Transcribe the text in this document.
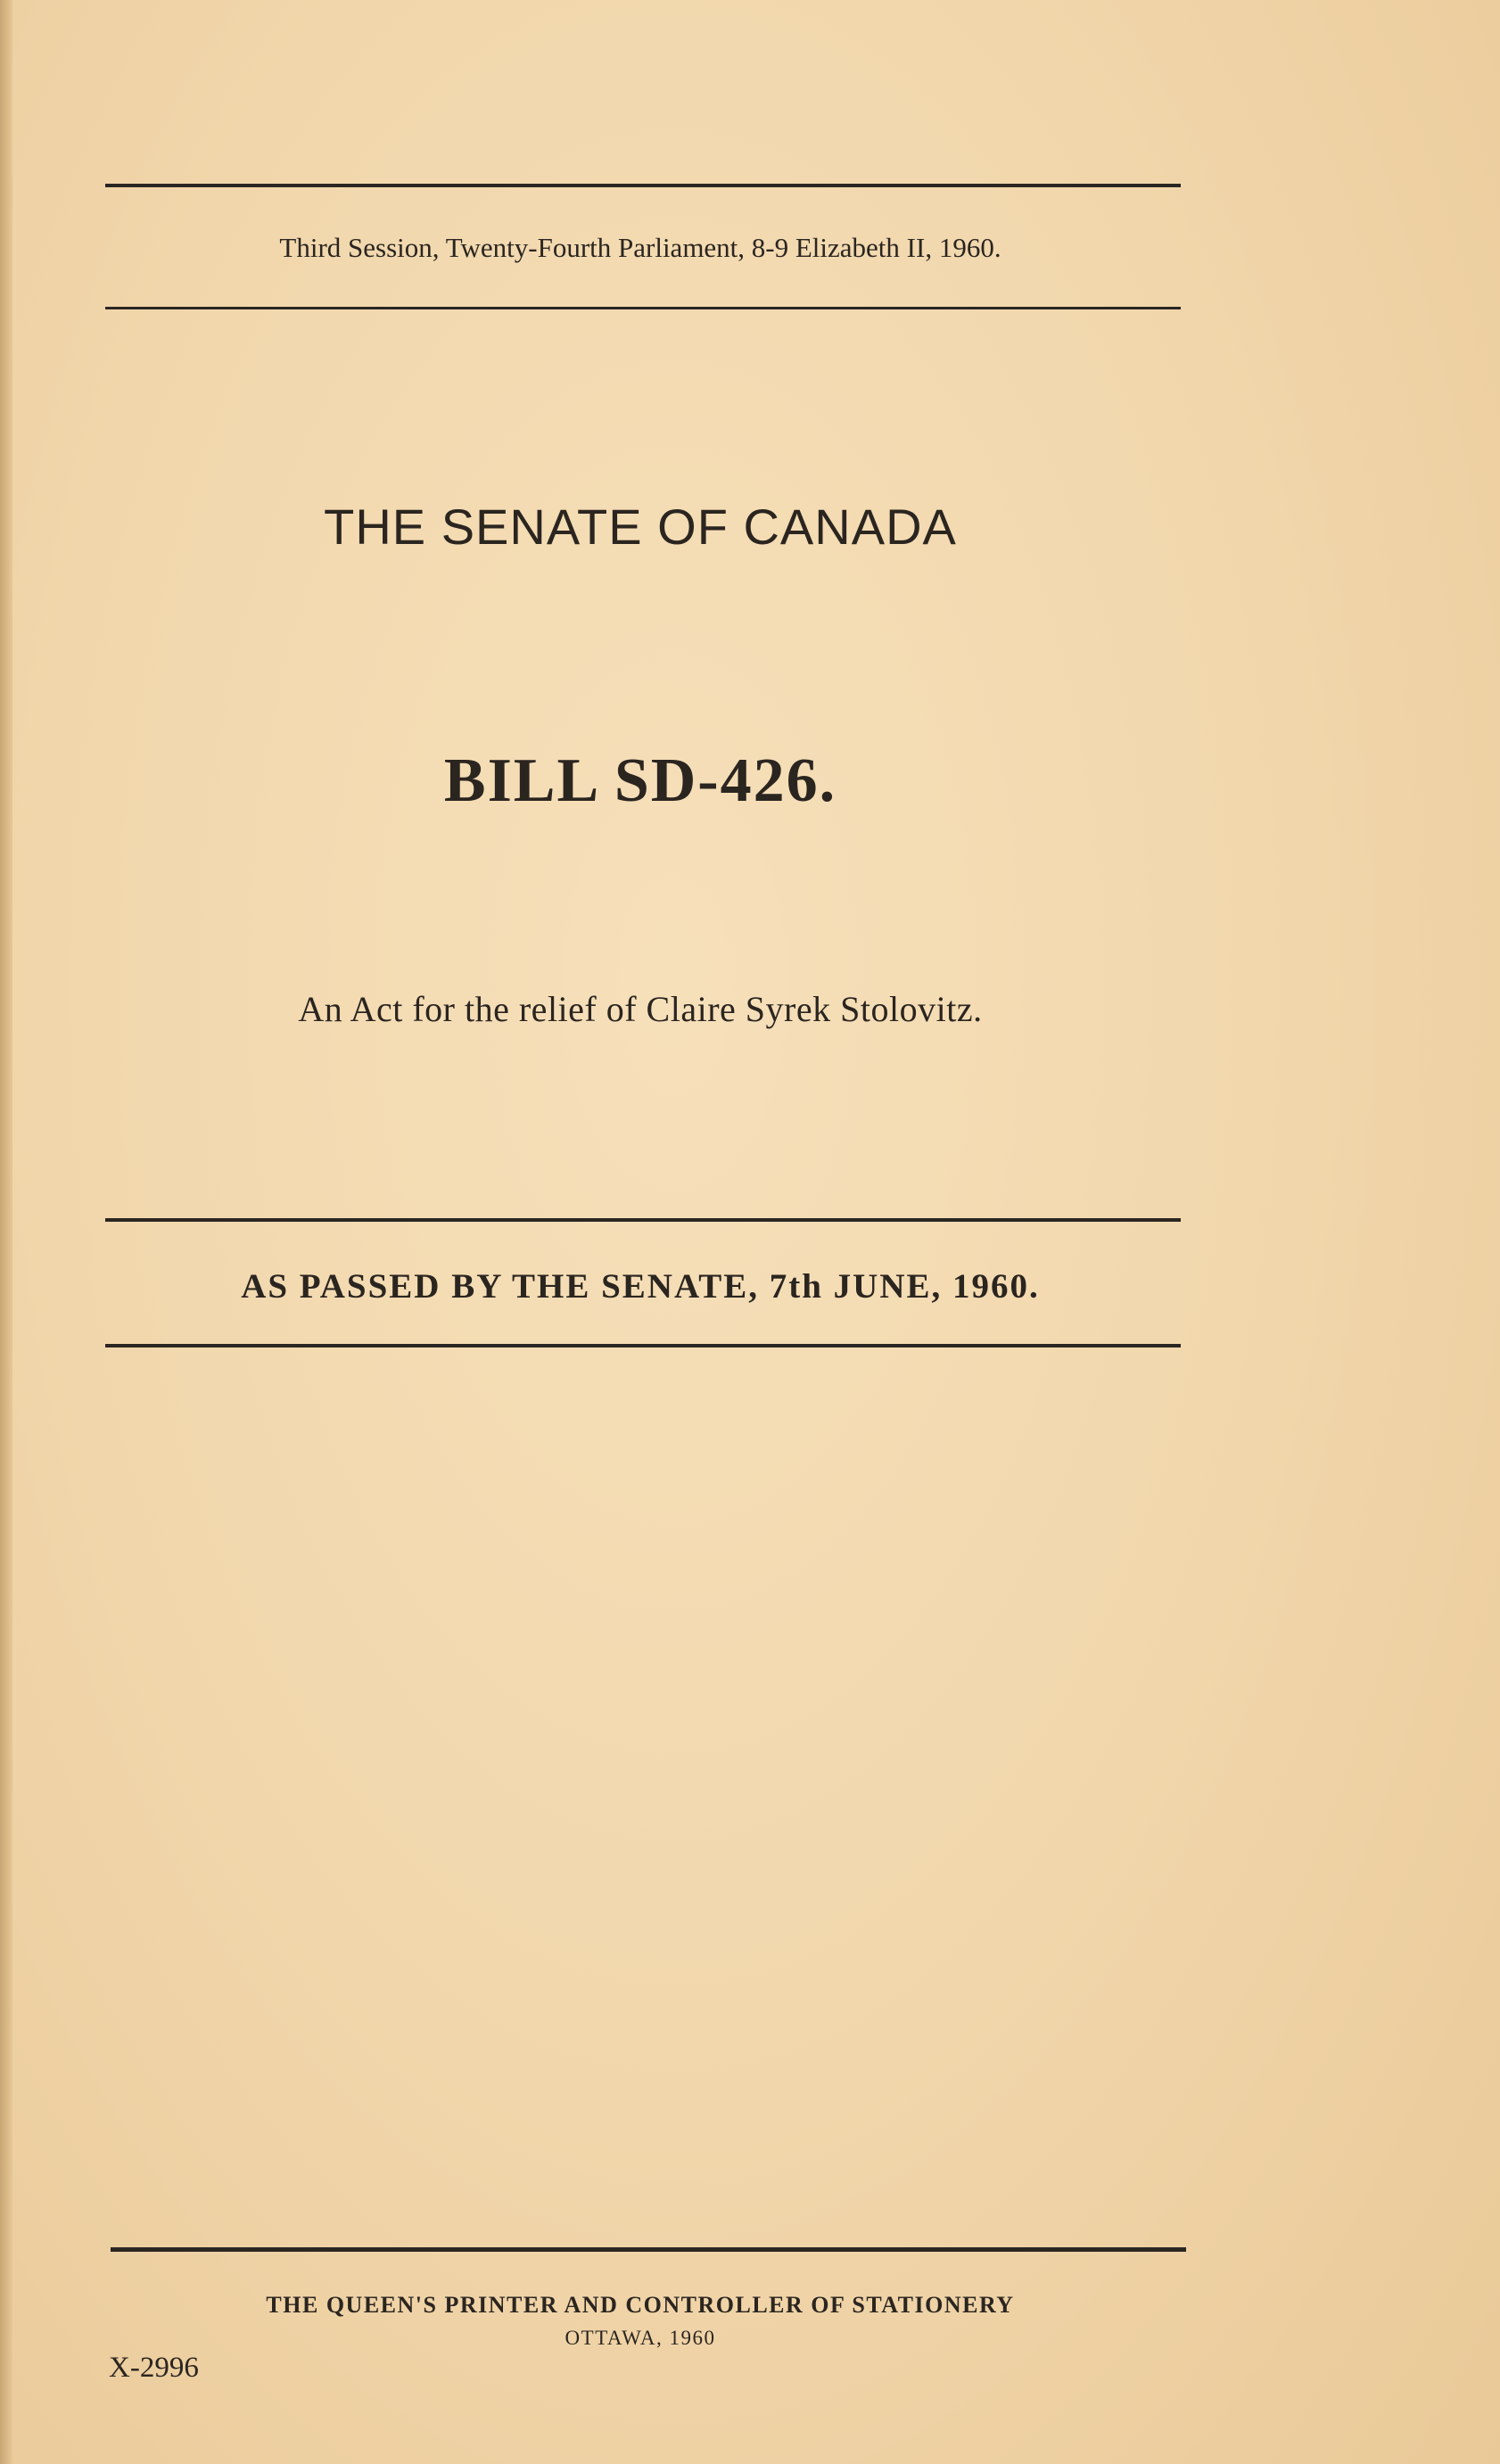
Third Session, Twenty-Fourth Parliament, 8-9 Elizabeth II, 1960.
THE SENATE OF CANADA
BILL SD-426.
An Act for the relief of Claire Syrek Stolovitz.
AS PASSED BY THE SENATE, 7th JUNE, 1960.
THE QUEEN'S PRINTER AND CONTROLLER OF STATIONERY
OTTAWA, 1960
X-2996
